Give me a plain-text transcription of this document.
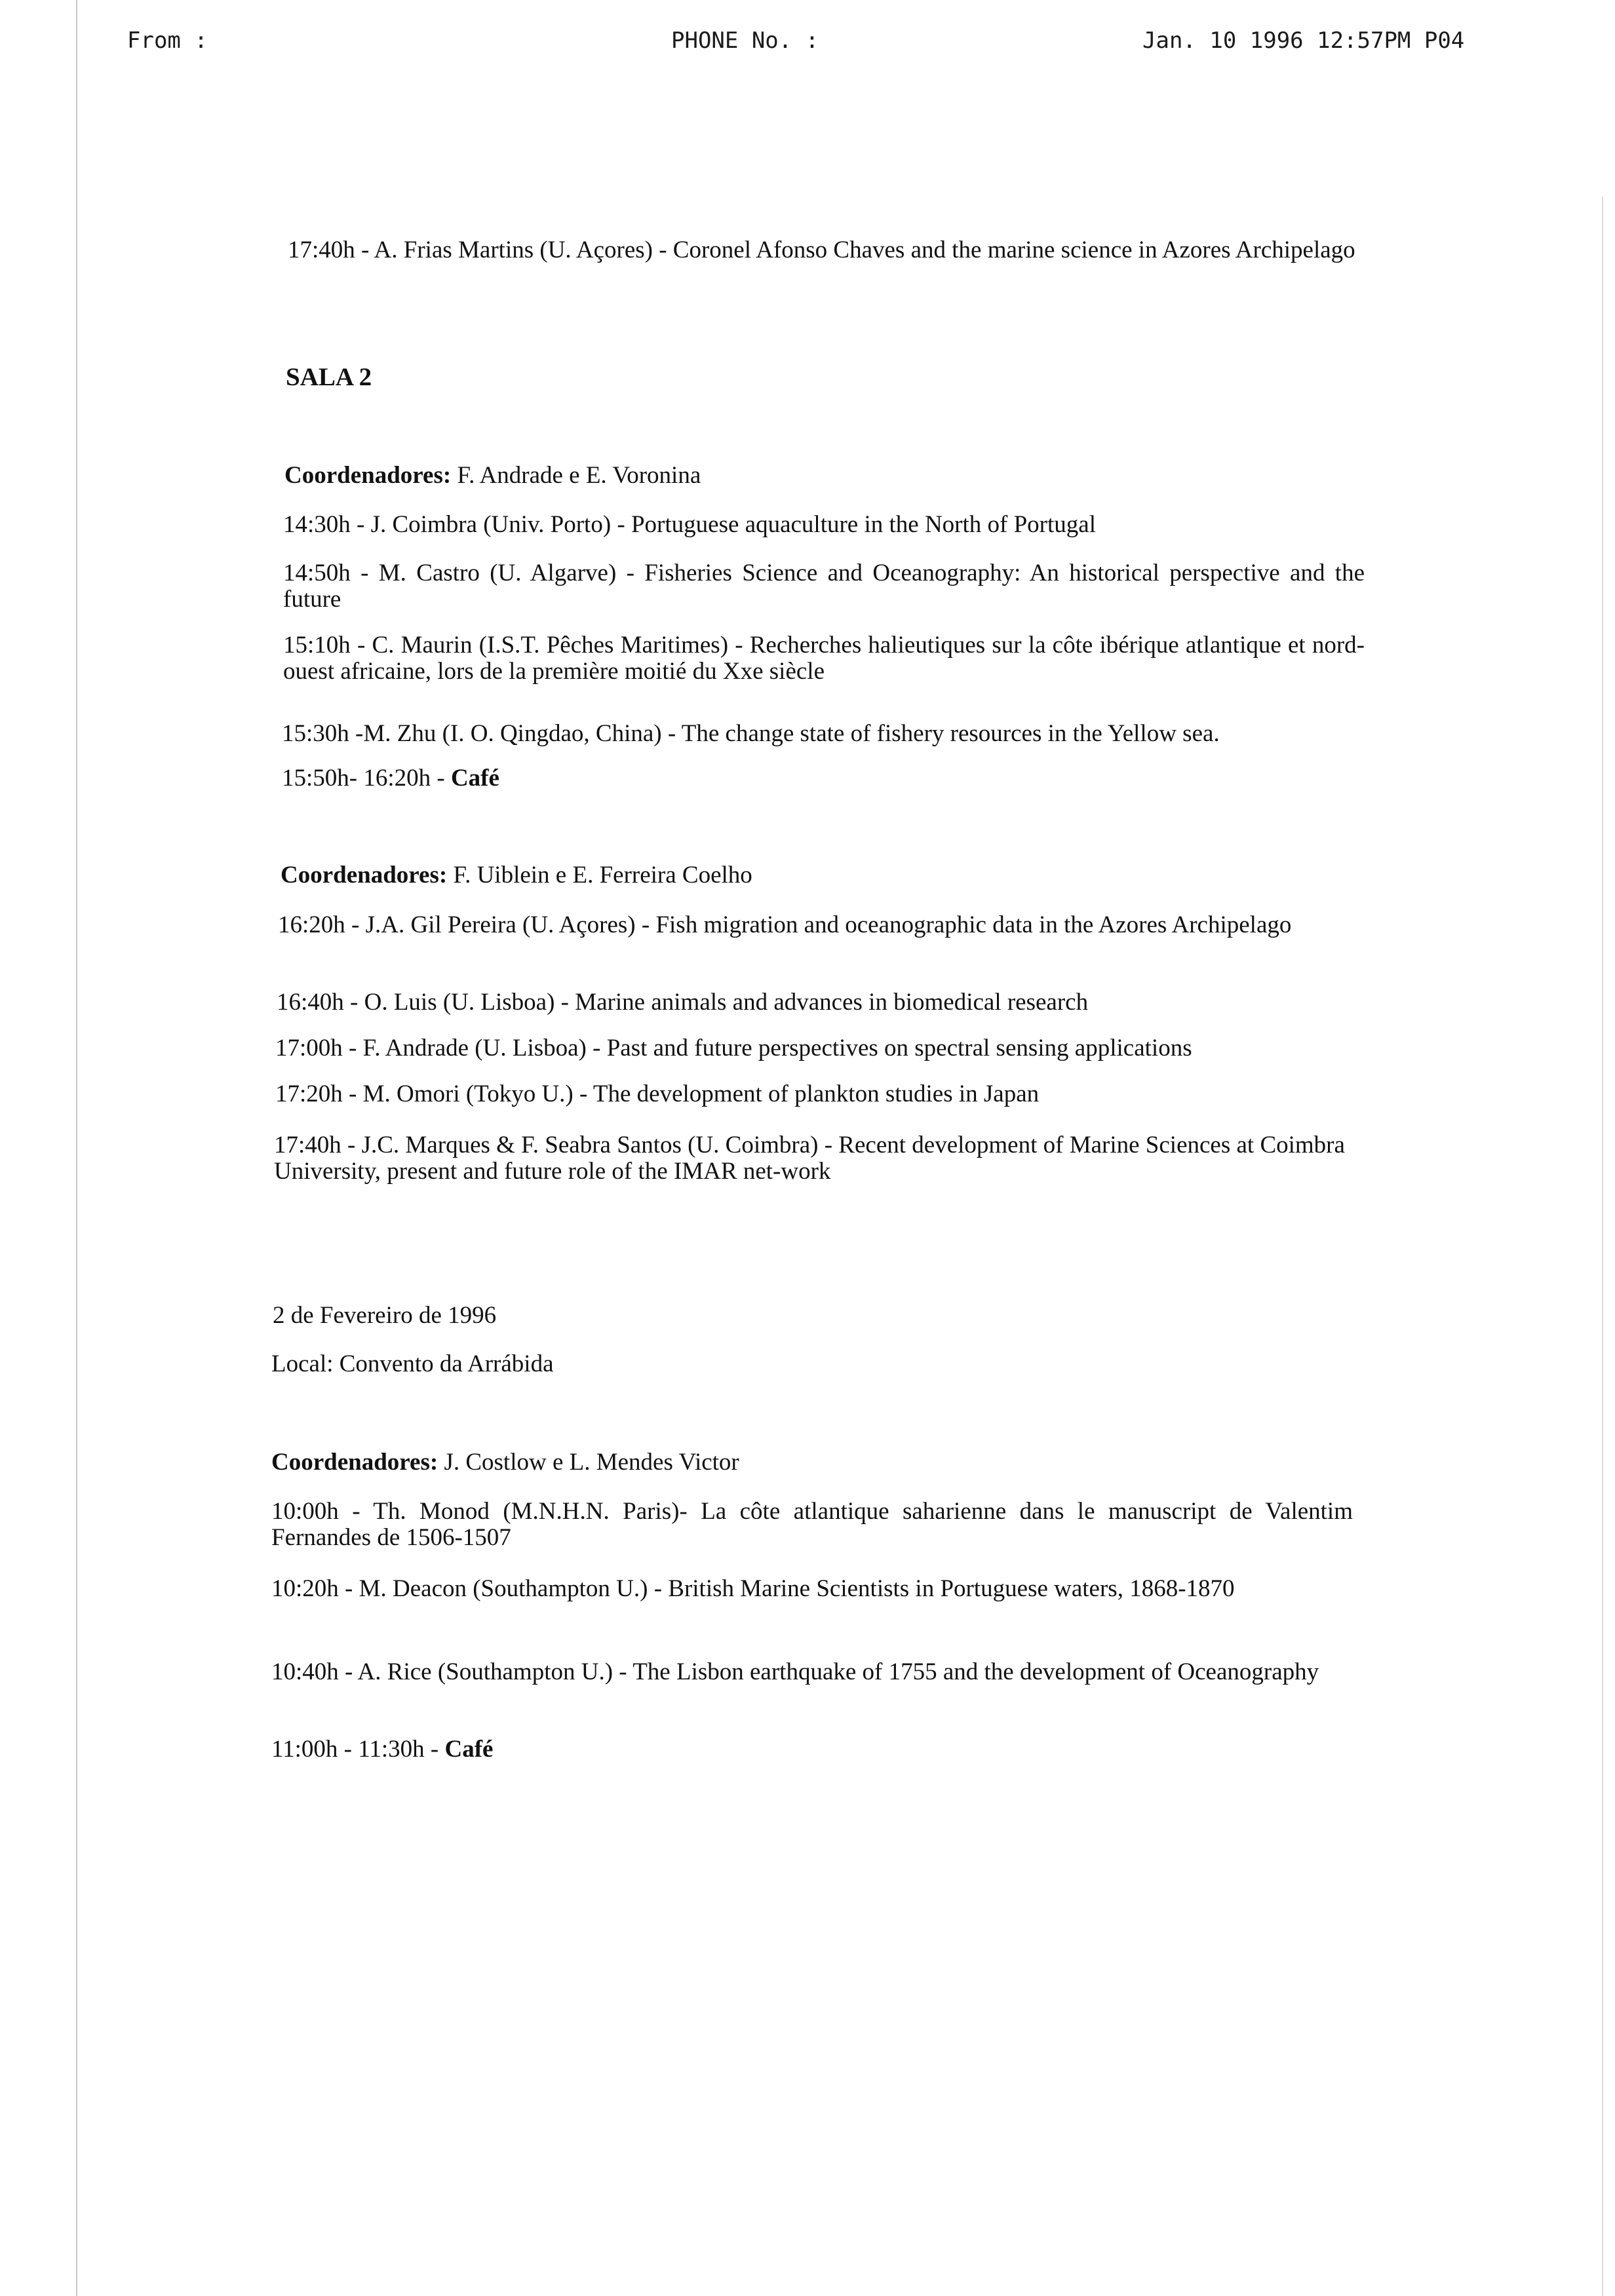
From :	PHONE No. :	Jan. 10 1996 12:57PM P04
17:40h - A. Frias Martins (U. Açores) - Coronel Afonso Chaves and the marine science in Azores Archipelago
SALA 2
Coordenadores: F. Andrade e E. Voronina
14:30h - J. Coimbra (Univ. Porto) - Portuguese aquaculture in the North of Portugal
14:50h - M. Castro (U. Algarve) - Fisheries Science and Oceanography: An historical perspective and the future
15:10h - C. Maurin (I.S.T. Pêches Maritimes) - Recherches halieutiques sur la côte ibérique atlantique et nord- ouest africaine, lors de la première moitié du Xxe siècle
15:30h -M. Zhu (I. O. Qingdao, China) - The change state of fishery resources in the Yellow sea.
15:50h- 16:20h - Café
Coordenadores: F. Uiblein e E. Ferreira Coelho
16:20h - J.A. Gil Pereira (U. Açores) - Fish migration and oceanographic data in the Azores Archipelago
16:40h - O. Luis (U. Lisboa) - Marine animals and advances in biomedical research
17:00h - F. Andrade (U. Lisboa) - Past and future perspectives on spectral sensing applications
17:20h - M. Omori (Tokyo U.) - The development of plankton studies in Japan
17:40h - J.C. Marques & F. Seabra Santos (U. Coimbra) - Recent development of Marine Sciences at Coimbra University, present and future role of the IMAR net-work
2 de Fevereiro de 1996
Local: Convento da Arrábida
Coordenadores: J. Costlow e L. Mendes Victor
10:00h - Th. Monod (M.N.H.N. Paris)- La côte atlantique saharienne dans le manuscript de Valentim Fernandes de 1506-1507
10:20h - M. Deacon (Southampton U.) - British Marine Scientists in Portuguese waters, 1868-1870
10:40h - A. Rice (Southampton U.) - The Lisbon earthquake of 1755 and the development of Oceanography
11:00h - 11:30h - Café
